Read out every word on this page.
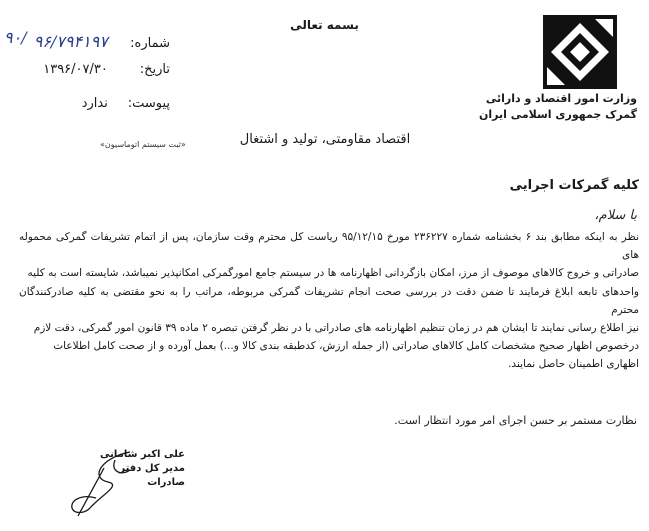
بسمه تعالی
۹۰/	شماره: ۹۶/۷۹۴۱۹۷
تاریخ: ۱۳۹۶/۰۷/۳۰
پیوست: ندارد
«ثبت سیستم اتوماسیون»
وزارت امور اقتصاد و دارائی
گمرک جمهوری اسلامی ایران
اقتصاد مقاومتی، تولید و اشتغال
کلیه گمرکات اجرایی
با سلام،

نظر به اینکه مطابق بند ۶ بخشنامه شماره ۲۳۶۲۲۷ مورخ ۹۵/۱۲/۱۵ ریاست کل محترم وقت سازمان، پس از اتمام تشریفات گمرکی محموله های

صادراتی و خروج کالاهای موصوف از مرز، امکان بازگردانی اظهارنامه ها در سیستم جامع امورگمرکی امکانپذیر نمیباشد، شایسته است به کلیه

واحدهای تابعه ابلاغ فرمایند تا ضمن دقت در بررسی صحت انجام تشریفات گمرکی مربوطه، مراتب را به نحو مقتضی به کلیه صادرکنندگان محترم

نیز اطلاع رسانی نمایند تا ایشان هم در زمان تنظیم اظهارنامه های صادراتی با در نظر گرفتن تبصره ۲ ماده ۳۹ قانون امور گمرکی، دقت لازم

درخصوص اظهار صحیح مشخصات کامل کالاهای صادراتی (از جمله ارزش، کدطبقه بندی کالا و...) بعمل آورده و از صحت کامل اطلاعات

اظهاری اطمینان حاصل نمایند.

نظارت مستمر بر حسن اجرای امر مورد انتظار است.
علی اکبر شامانی
مدیر کل دفتر صادرات
